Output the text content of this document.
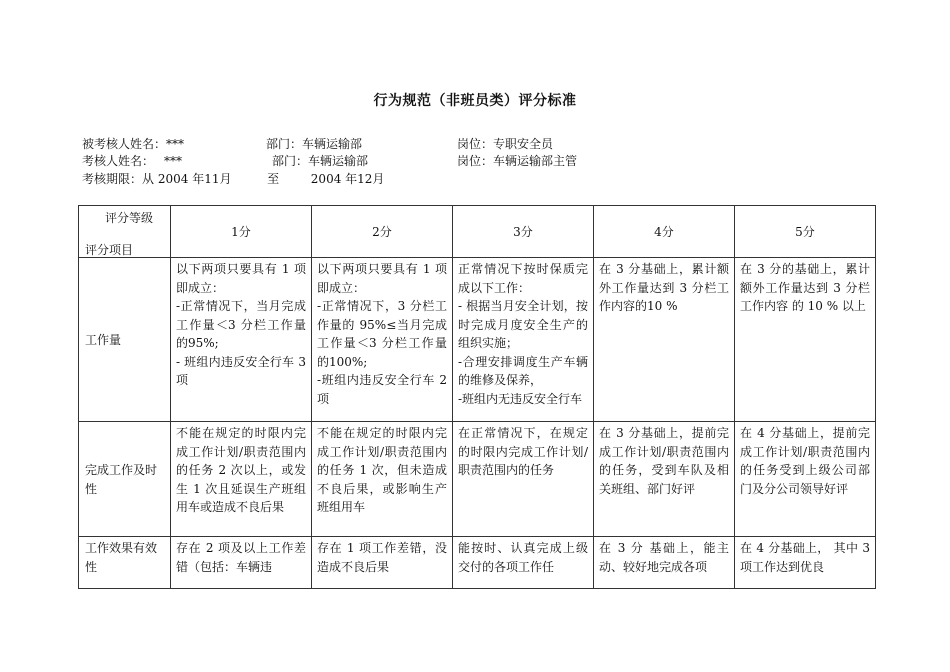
行为规范（非班员类）评分标准
被考核人姓名：***	部门：车辆运输部	岗位：专职安全员
考核人姓名： ***	部门：车辆运输部	岗位：车辆运输部主管
考核期限：从 2004 年11月	至	2004 年12月
评分等级
评分项目	1分	2分	3分	4分	5分
工作量	以下两项只要具有 1 项即成立：
-正常情况下，当月完成工作量＜3 分栏工作量的95%;
- 班组内违反安全行车 3 项	以下两项只要具有 1 项即成立：
-正常情况下，3 分栏工作量的 95%≤当月完成工作量＜3 分栏工作量的100%;
-班组内违反安全行车 2 项	正常情况下按时保质完成以下工作：
- 根据当月安全计划，按时完成月度安全生产的组织实施；
-合理安排调度生产车辆的维修及保养，
-班组内无违反安全行车	在 3 分基础上，累计额外工作量达到 3 分栏工作内容的10 %	在 3 分的基础上，累计额外工作量达到 3 分栏工作内容 的 10 % 以上

完成工作及时性	不能在规定的时限内完成工作计划/职责范围内的任务 2 次以上，或发生 1 次且延误生产班组用车或造成不良后果	不能在规定的时限内完成工作计划/职责范围内的任务 1 次，但未造成不良后果，或影响生产班组用车	在正常情况下，在规定的时限内完成工作计划/职责范围内的任务	在 3 分基础上，提前完成工作计划/职责范围内的任务，受到车队及相关班组、部门好评	在 4 分基础上，提前完成工作计划/职责范围内的任务受到上级公司部门及分公司领导好评

工作效果有效性	存在 2 项及以上工作差错（包括：车辆违	存在 1 项工作差错，没造成不良后果	能按时、认真完成上级交付的各项工作任	在 3 分 基础上，能主动、较好地完成各项	在 4 分基础上， 其中 3 项工作达到优良
